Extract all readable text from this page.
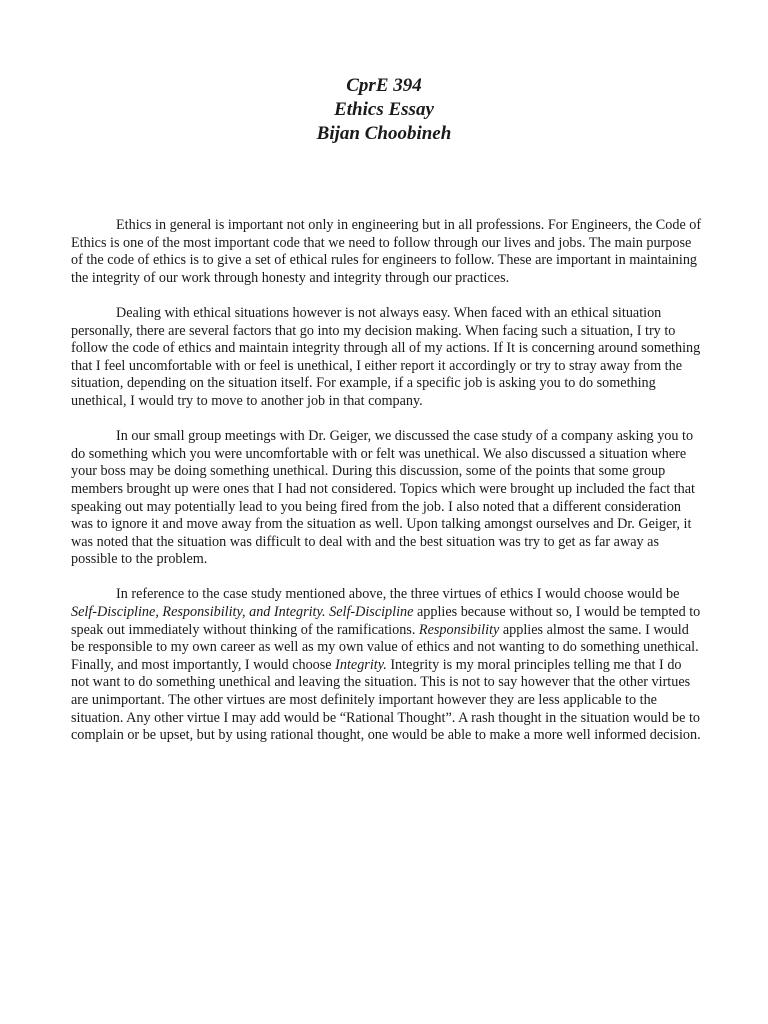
CprE 394
Ethics Essay
Bijan Choobineh

Ethics in general is important not only in engineering but in all professions. For Engineers, the Code of Ethics is one of the most important code that we need to follow through our lives and jobs. The main purpose of the code of ethics is to give a set of ethical rules for engineers to follow. These are important in maintaining the integrity of our work through honesty and integrity through our practices.

Dealing with ethical situations however is not always easy. When faced with an ethical situation personally, there are several factors that go into my decision making. When facing such a situation, I try to follow the code of ethics and maintain integrity through all of my actions. If It is concerning around something that I feel uncomfortable with or feel is unethical, I either report it accordingly or try to stray away from the situation, depending on the situation itself. For example, if a specific job is asking you to do something unethical, I would try to move to another job in that company.

In our small group meetings with Dr. Geiger, we discussed the case study of a company asking you to do something which you were uncomfortable with or felt was unethical. We also discussed a situation where your boss may be doing something unethical. During this discussion, some of the points that some group members brought up were ones that I had not considered. Topics which were brought up included the fact that speaking out may potentially lead to you being fired from the job. I also noted that a different consideration was to ignore it and move away from the situation as well. Upon talking amongst ourselves and Dr. Geiger, it was noted that the situation was difficult to deal with and the best situation was try to get as far away as possible to the problem.

In reference to the case study mentioned above, the three virtues of ethics I would choose would be Self-Discipline, Responsibility, and Integrity. Self-Discipline applies because without so, I would be tempted to speak out immediately without thinking of the ramifications. Responsibility applies almost the same. I would be responsible to my own career as well as my own value of ethics and not wanting to do something unethical. Finally, and most importantly, I would choose Integrity. Integrity is my moral principles telling me that I do not want to do something unethical and leaving the situation. This is not to say however that the other virtues are unimportant. The other virtues are most definitely important however they are less applicable to the situation. Any other virtue I may add would be “Rational Thought”. A rash thought in the situation would be to complain or be upset, but by using rational thought, one would be able to make a more well informed decision.
